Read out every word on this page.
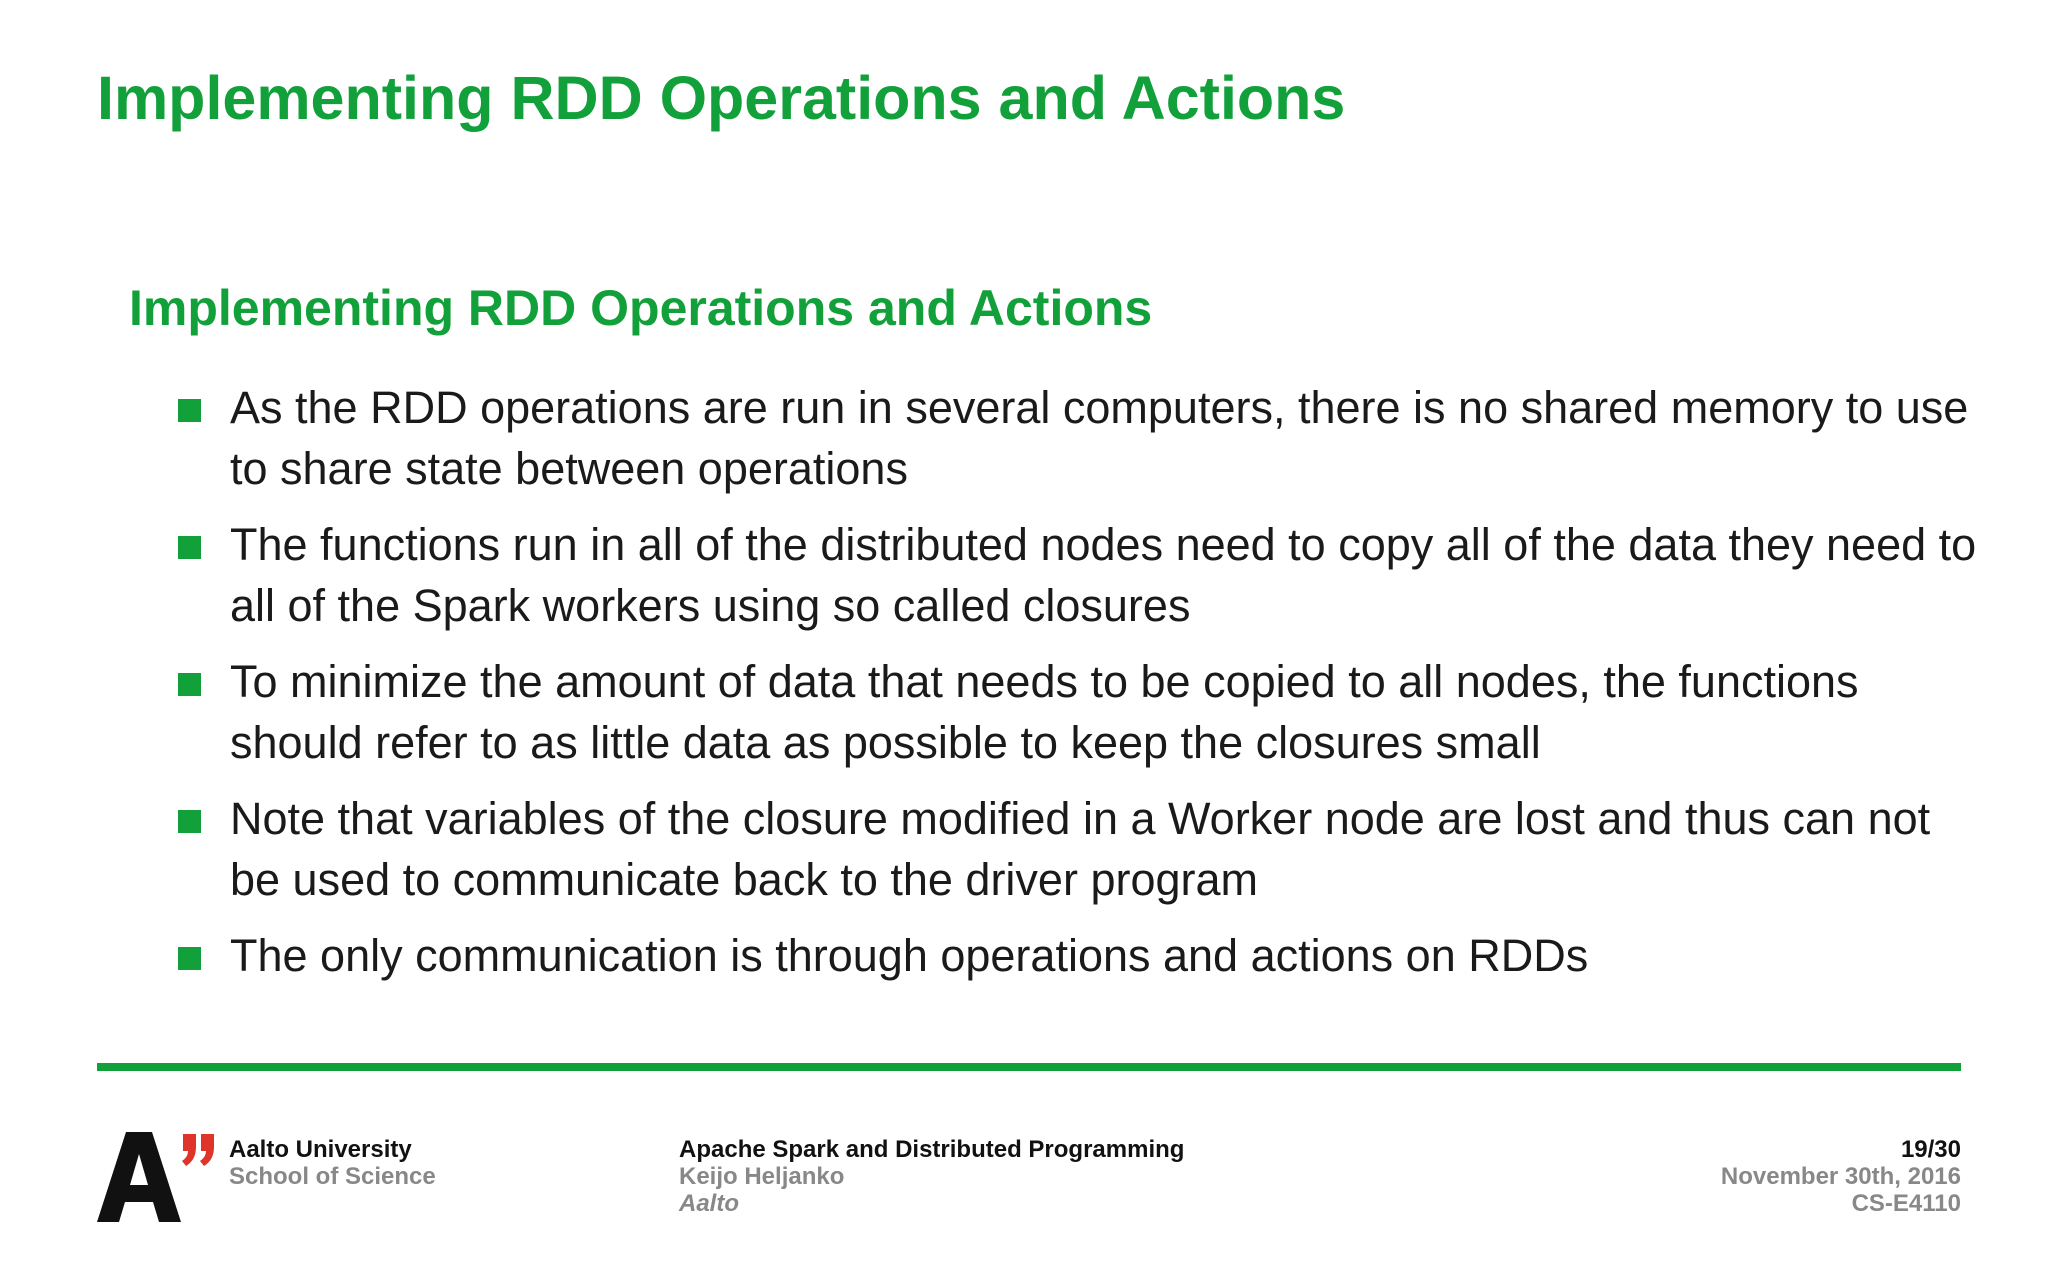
Implementing RDD Operations and Actions
Implementing RDD Operations and Actions
As the RDD operations are run in several computers, there is no shared memory to use to share state between operations
The functions run in all of the distributed nodes need to copy all of the data they need to all of the Spark workers using so called closures
To minimize the amount of data that needs to be copied to all nodes, the functions should refer to as little data as possible to keep the closures small
Note that variables of the closure modified in a Worker node are lost and thus can not be used to communicate back to the driver program
The only communication is through operations and actions on RDDs
Aalto University
School of Science
Apache Spark and Distributed Programming
Keijo Heljanko
Aalto
19/30
November 30th, 2016
CS-E4110
